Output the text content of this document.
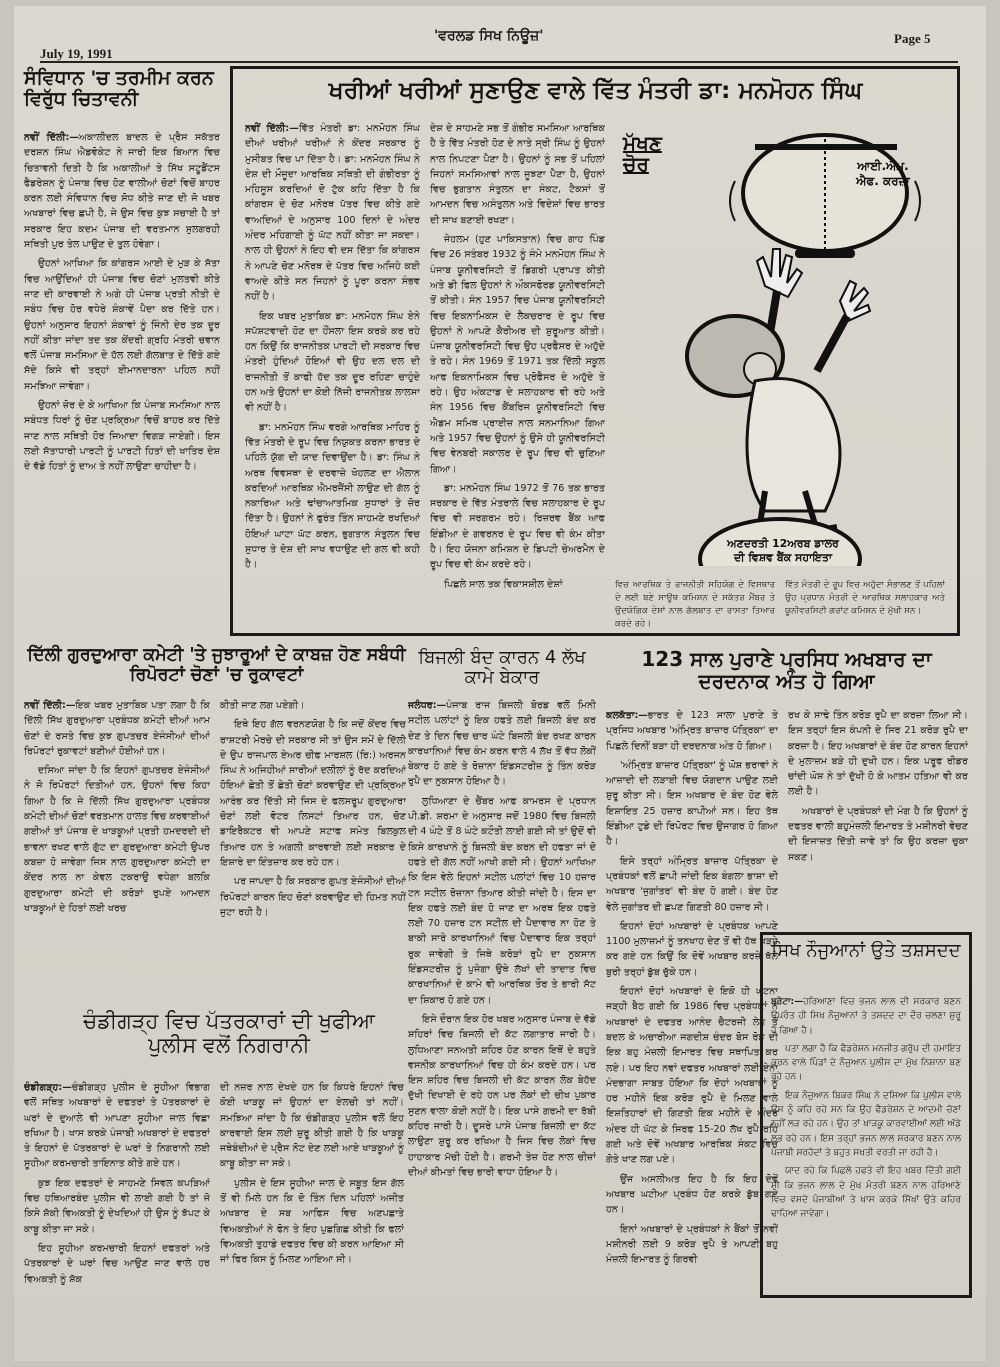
July 19, 1991
'ਵਰਲਡ ਸਿਖ ਨਿਊਜ਼'	Page 5
ਸੰਵਿਧਾਨ 'ਚ ਤਰਮੀਮ ਕਰਨ ਵਿਰੁੱਧ ਚਿਤਾਵਨੀ

ਨਵੀਂ ਦਿੱਲੀ:—ਅਕਾਲੀਦਲ ਬਾਦਲ ਦੇ ਪ੍ਰੈਸ ਸਕੱਤਰ ਦਰਸ਼ਨ ਸਿੰਘ ਐਡਵੋਕੇਟ ਨੇ ਜਾਰੀ ਇਕ ਬਿਆਨ ਵਿਚ ਚਿਤਾਵਨੀ ਦਿਤੀ ਹੈ ਕਿ ਅਕਾਲੀਆਂ ਤੇ ਸਿੱਖ ਸਟੂਡੈਂਟਸ ਫੈਡਰੇਸ਼ਨ ਨੂੰ ਪੰਜਾਬ ਵਿਚ ਹੋਣ ਵਾਲੀਆਂ ਚੋਣਾਂ ਵਿਚੋਂ ਬਾਹਰ ਕਰਨ ਲਈ ਸੰਵਿਧਾਨ ਵਿਚ ਸੋਧ ਕੀਤੇ ਜਾਣ ਦੀ ਜੋ ਖਬਰ ਅਖਬਾਰਾਂ ਵਿਚ ਛਪੀ ਹੈ, ਜੇ ਉਸ ਵਿਚ ਕੁਝ ਸਚਾਈ ਹੈ ਤਾਂ ਸਰਕਾਰ ਇਹ ਕਦਮ ਪੰਜਾਬ ਦੀ ਵਰਤਮਾਨ ਸੁਲਗਰਹੀ ਸਥਿਤੀ ਪੁਰ ਤੇਲ ਪਾਉਣ ਦੇ ਤੁਲ ਹੋਵੇਗਾ।

ਉਹਨਾਂ ਆਖਿਆ ਕਿ ਕਾਂਗਰਸ ਆਈ ਦੇ ਮੁੜ ਕੇ ਸੱਤਾ ਵਿਚ ਆਉਂਦਿਆਂ ਹੀ ਪੰਜਾਬ ਵਿਚ ਚੋਣਾਂ ਮੁਲਤਵੀ ਕੀਤੇ ਜਾਣ ਦੀ ਕਾਰਵਾਈ ਨੇ ਅਗੇ ਹੀ ਪੰਜਾਬ ਪ੍ਰਤੀ ਨੀਤੀ ਦੇ ਸਬੰਧ ਵਿਚ ਹੋਰ ਵਧੇਰੇ ਸ਼ੰਕਾਵੇਂ ਪੈਦਾ ਕਰ ਦਿੱਤੇ ਹਨ। ਉਹਨਾਂ ਅਨੁਸਾਰ ਇਹਨਾਂ ਸ਼ੰਕਾਵਾਂ ਨੂੰ ਜਿੰਨੀ ਦੇਰ ਤਕ ਦੂਰ ਨਹੀਂ ਕੀਤਾ ਜਾਂਦਾ ਤਦ ਤਕ ਕੇਂਦਰੀ ਗ੍ਰਹਿ ਮੰਤਰੀ ਚਵਾਨ ਵਲੋਂ ਪੰਜਾਬ ਸਮਸਿਆ ਦੇ ਹੱਲ ਲਈ ਗੱਲਬਾਤ ਦੇ ਦਿੱਤੇ ਗਏ ਸੱਦੇ ਕਿਸੇ ਵੀ ਤਰ੍ਹਾਂ ਈਮਾਨਦਾਰਨਾ ਪਹਿਲ ਨਹੀਂ ਸਮਝਿਆ ਜਾਵੇਗਾ।

ਉਹਨਾਂ ਜ਼ੋਰ ਦੇ ਕੇ ਆਖਿਆ ਕਿ ਪੰਜਾਬ ਸਮਸਿਆ ਨਾਲ ਸਬੰਧਤ ਧਿਰਾਂ ਨੂੰ ਚੋਣ ਪ੍ਰਕ੍ਰਿਆ ਵਿਚੋਂ ਬਾਹਰ ਕਰ ਦਿੱਤੇ ਜਾਣ ਨਾਲ ਸਥਿਤੀ ਹੋਰ ਜਿਆਦਾ ਵਿਗੜ ਜਾਏਗੀ। ਇਸ ਲਈ ਸੱਤਾਧਾਰੀ ਪਾਰਟੀ ਨੂੰ ਪਾਰਟੀ ਹਿਤਾਂ ਦੀ ਖਾਤਿਰ ਦੇਸ਼ ਦੇ ਵੱਡੇ ਹਿਤਾਂ ਨੂੰ ਦਾਅ ਤੇ ਨਹੀਂ ਲਾਉਣਾ ਚਾਹੀਦਾ ਹੈ।

ਖਰੀਆਂ ਖਰੀਆਂ ਸੁਣਾਉਣ ਵਾਲੇ ਵਿੱਤ ਮੰਤਰੀ ਡਾ: ਮਨਮੋਹਨ ਸਿੰਘ

ਨਵੀਂ ਦਿੱਲੀ:—ਵਿੱਤ ਮੰਤਰੀ ਡਾ: ਮਨਮੋਹਨ ਸਿੰਘ ਦੀਆਂ ਖਰੀਆਂ ਖਰੀਆਂ ਨੇ ਕੇਂਦਰ ਸਰਕਾਰ ਨੂੰ ਮੁਸੀਬਤ ਵਿਚ ਪਾ ਦਿੱਤਾ ਹੈ। ਡਾ: ਮਨਮੋਹਨ ਸਿੰਘ ਨੇ ਦੇਸ਼ ਦੀ ਮੌਜੂਦਾ ਆਰਥਿਕ ਸਥਿਤੀ ਦੀ ਗੰਭੀਰਤਾ ਨੂੰ ਮਹਿਸੂਸ ਕਰਦਿਆਂ ਦੋ ਟੁੱਕ ਕਹਿ ਦਿੱਤਾ ਹੈ ਕਿ ਕਾਂਗਰਸ ਦੇ ਚੋਣ ਮਨੋਰਥ ਪੱਤਰ ਵਿਚ ਕੀਤੇ ਗਏ ਵਾਅਦਿਆਂ ਦੇ ਅਨੁਸਾਰ 100 ਦਿਨਾਂ ਦੇ ਅੰਦਰ ਅੰਦਰ ਮਹਿਗਾਈ ਨੂੰ ਘੱਟ ਨਹੀਂ ਕੀਤਾ ਜਾ ਸਕਦਾ। ਨਾਲ ਹੀ ਉਹਨਾਂ ਨੇ ਇਹ ਵੀ ਦਸ ਦਿੱਤਾ ਕਿ ਕਾਂਗਰਸ ਨੇ ਆਪਣੇ ਚੋਣ ਮਨੋਰਥ ਦੇ ਪੱਤਰ ਵਿਚ ਅਜਿਹੇ ਕਈ ਵਾਅਦੇ ਕੀਤੇ ਸਨ ਜਿਹਨਾਂ ਨੂੰ ਪੂਰਾ ਕਰਨਾ ਸੰਭਵ ਨਹੀਂ ਹੈ।

ਇਕ ਖਬਰ ਮੁਤਾਬਿਕ ਡਾ: ਮਨਮੋਹਨ ਸਿੰਘ ਏਨੇ ਸਪੱਸ਼ਟਵਾਦੀ ਹੋਣ ਦਾ ਹੌਂਸਲਾ ਇਸ ਕਰਕੇ ਕਰ ਰਹੇ ਹਨ ਕਿਉਂ ਕਿ ਰਾਜਨੀਤਕ ਪਾਰਟੀ ਦੀ ਸਰਕਾਰ ਵਿਚ ਮੰਤਰੀ ਹੁੰਦਿਆਂ ਹੋਇਆਂ ਵੀ ਉਹ ਦਲ ਦਲ ਦੀ ਰਾਜਨੀਤੀ ਤੋਂ ਕਾਫੀ ਹੱਦ ਤਕ ਦੂਰ ਰਹਿਣਾ ਚਾਹੁੰਦੇ ਹਨ ਅਤੇ ਉਹਨਾਂ ਦਾ ਕੋਈ ਨਿੱਜੀ ਰਾਜਨੀਤਕ ਲਾਲਸਾ ਵੀ ਨਹੀਂ ਹੈ।

ਡਾ: ਮਨਮੋਹਨ ਸਿੰਘ ਵਰਗੇ ਆਰਥਿਕ ਮਾਹਿਰ ਨੂੰ ਵਿੱਤ ਮੰਤਰੀ ਦੇ ਰੂਪ ਵਿਚ ਨਿਯੁਕਤ ਕਰਨਾ ਭਾਰਤ ਦੇ ਪਹਿਲੇ ਯੁੱਗ ਦੀ ਯਾਦ ਦਿਵਾਉਂਦਾ ਹੈ। ਡਾ: ਸਿੰਘ ਨੇ ਅਰਥ ਵਿਵਸਥਾ ਦੇ ਦਰਵਾਜ਼ੇ ਖੋਹਲਣ ਦਾ ਐਲਾਨ ਕਰਦਿਆਂ ਆਰਥਿਕ ਐਮਰਜੈਂਸੀ ਲਾਉਣ ਦੀ ਗੱਲ ਨੂੰ ਨਕਾਰਿਆ ਅਤੇ ਢਾਂਚਾਆਤਮਿਕ ਸੁਧਾਰਾਂ ਤੇ ਜ਼ੋਰ ਦਿੱਤਾ ਹੈ। ਉਹਨਾਂ ਨੇ ਫੁਰੰਤ ਤਿੰਨ ਸਾਹਮਣੇ ਰਖਦਿਆਂ ਹੋਇਆਂ ਘਾਟਾ ਘੱਟ ਕਰਨ, ਭੁਗਤਾਨ ਸੰਤੁਲਨ ਵਿਚ ਸੁਧਾਰ ਤੇ ਦੇਸ਼ ਦੀ ਸਾਖ ਵਧਾਉਣ ਦੀ ਗਲ ਵੀ ਕਹੀ ਹੈ।

ਦੇਸ਼ ਦੇ ਸਾਹਮਣੇ ਸਭ ਤੋਂ ਗੰਭੀਰ ਸਮਸਿਆ ਆਰਥਿਕ ਹੈ ਤੇ ਵਿੱਤ ਮੰਤਰੀ ਹੋਣ ਦੇ ਨਾਤੇ ਸ੍ਰੀ ਸਿੰਘ ਨੂੰ ਉਹਨਾਂ ਨਾਲ ਨਿਪਟਣਾ ਪੈਣਾ ਹੈ। ਉਹਨਾਂ ਨੂੰ ਸਭ ਤੋਂ ਪਹਿਲਾਂ ਜਿਹਨਾਂ ਸਮਸਿਆਵਾਂ ਨਾਲ ਜੂਝਣਾ ਪੈਣਾ ਹੈ, ਉਹਨਾਂ ਵਿਚ ਭੁਗਤਾਨ ਸੰਤੁਲਨ ਦਾ ਸੰਕਟ, ਟੈਕਸਾਂ ਤੋਂ ਆਮਦਨ ਵਿਚ ਅਸੰਤੁਲਨ ਅਤੇ ਵਿਦੇਸ਼ਾਂ ਵਿਚ ਭਾਰਤ ਦੀ ਸਾਖ ਬਣਾਈ ਰਖਣਾ।

ਜੇਹਲਮ (ਹੁਣ ਪਾਕਿਸਤਾਨ) ਵਿਚ ਗਾਹ ਪਿੰਡ ਵਿਚ 26 ਸਤੰਬਰ 1932 ਨੂੰ ਜੰਮੇ ਮਨਮੋਹਨ ਸਿੰਘ ਨੇ ਪੰਜਾਬ ਯੂਨੀਵਰਸਿਟੀ ਤੋਂ ਡਿਗਰੀ ਪ੍ਰਾਪਤ ਕੀਤੀ ਅਤੇ ਡੀ ਫਿਲ ਉਹਨਾਂ ਨੇ ਔਕਸਫੋਰਡ ਯੂਨੀਵਰਸਿਟੀ ਤੋਂ ਕੀਤੀ। ਸੰਨ 1957 ਵਿਚ ਪੰਜਾਬ ਯੂਨੀਵਰਸਿਟੀ ਵਿਚ ਇਕਨਾਮਿਕਸ ਦੇ ਲੈਕਚਰਾਰ ਦੇ ਰੂਪ ਵਿਚ ਉਹਨਾਂ ਨੇ ਆਪਣੇ ਕੈਰੀਅਰ ਦੀ ਸ਼ੁਰੂਆਤ ਕੀਤੀ। ਪੰਜਾਬ ਯੂਨੀਵਰਸਿਟੀ ਵਿਚ ਉਹ ਪ੍ਰਫੈਸਰ ਦੇ ਅਹੁੱਦੇ ਤੇ ਰਹੇ। ਸੰਨ 1969 ਤੋਂ 1971 ਤਕ ਦਿੱਲੀ ਸਕੂਲ ਆਫ ਇਕਨਾਮਿਕਸ ਵਿਚ ਪ੍ਰੋਫੈਸਰ ਦੇ ਅਹੁੱਦੇ ਤੇ ਰਹੇ। ਉਹ ਅੰਕਟਾਡ ਦੇ ਸਲਾਹਕਾਰ ਵੀ ਰਹੇ ਅਤੇ ਸੰਨ 1956 ਵਿਚ ਕੈਂਬਰਿਜ ਯੂਨੀਵਰਸਿਟੀ ਵਿਚ ਐਡਮ ਸਮਿਥ ਪ੍ਰਾਈਜ਼ ਨਾਲ ਸਨਮਾਨਿਆ ਗਿਆ ਅਤੇ 1957 ਵਿਚ ਉਹਨਾਂ ਨੂੰ ਉਸੇ ਹੀ ਯੂਨੀਵਰਸਿਟੀ ਵਿਚ ਵੇਨਬਰੀ ਸਕਾਲਰ ਦੇ ਰੂਪ ਵਿਚ ਵੀ ਚੁਣਿਆ ਗਿਆ।

ਡਾ: ਮਨਮੋਹਨ ਸਿੰਘ 1972 ਤੋਂ 76 ਤਕ ਭਾਰਤ ਸਰਕਾਰ ਦੇ ਵਿੱਤ ਮੰਤਰਾਲੇ ਵਿਚ ਸਲਾਹਕਾਰ ਦੇ ਰੂਪ ਵਿਚ ਵੀ ਸਰਗਰਮ ਰਹੇ। ਰਿਜ਼ਰਵ ਬੈਂਕ ਆਫ ਇੰਡੀਆ ਦੇ ਗਵਰਨਰ ਦੇ ਰੂਪ ਵਿਚ ਵੀ ਕੰਮ ਕੀਤਾ ਹੈ। ਇਹ ਯੋਜਨਾ ਕਮਿਸ਼ਨ ਦੇ ਡਿਪਟੀ ਚੇਅਰਮੈਨ ਦੇ ਰੂਪ ਵਿਚ ਵੀ ਕੰਮ ਕਰਦੇ ਰਹੇ।

ਪਿਛਲੇ ਸਾਲ ਤਕ ਵਿਕਾਸਸ਼ੀਲ ਦੇਸ਼ਾਂ

ਮੱਖਣ ਚੋਰ	ਆਈ.ਐਮ. ਐਫ. ਕਰਜ਼ਾ
ਅਣਦਰਤੀ 12ਅਰਬ ਡਾਲਰ ਦੀ ਵਿਸ਼ਵ ਬੈਂਕ ਸਹਾਇਤਾ
ਵਿਚ ਆਰਥਿਕ ਤੇ ਰਾਜਨੀਤੀ ਸਹਿਯੋਗ ਦੇ ਵਿਸਥਾਰ ਦੇ ਲਈ ਬਣੇ ਸਾਊਥ ਕਮਿਸ਼ਨ ਦੇ ਸਕੱਤਰ ਮੈਂਬਰ ਤੇ ਉਦਯੋਗਿਕ ਦੇਸ਼ਾਂ ਨਾਲ ਗੱਲਬਾਤ ਦਾ ਰਾਸਤਾ ਤਿਆਰ ਕਰਦੇ ਰਹੇ।
ਵਿੱਤ ਮੰਤਰੀ ਦੇ ਰੂਪ ਵਿਚ ਅਹੁੱਦਾ ਸੰਭਾਲਣ ਤੋਂ ਪਹਿਲਾਂ ਉਹ ਪ੍ਰਧਾਨ ਮੰਤਰੀ ਦੇ ਆਰਥਿਕ ਸਲਾਹਕਾਰ ਅਤੇ ਯੂਨੀਵਰਸਿਟੀ ਗਰਾਂਟ ਕਮਿਸ਼ਨ ਦੇ ਮੁੱਖੀ ਸਨ।
ਦਿੱਲੀ ਗੁਰਦੁਆਰਾ ਕਮੇਟੀ 'ਤੇ ਜੁਝਾਰੂਆਂ ਦੇ ਕਾਬਜ਼ ਹੋਣ ਸਬੰਧੀ ਰਿਪੋਰਟਾਂ ਚੋਣਾਂ 'ਚ ਰੁਕਾਵਟਾਂ

ਨਵੀਂ ਦਿੱਲੀ:—ਇਕ ਖਬਰ ਮੁਤਾਬਿਕ ਪਤਾ ਲਗਾ ਹੈ ਕਿ ਦਿੱਲੀ ਸਿੱਖ ਗੁਰਦੁਆਰਾ ਪ੍ਰਬੰਧਕ ਕਮੇਟੀ ਦੀਆਂ ਆਮ ਚੋਣਾਂ ਦੇ ਰਸਤੇ ਵਿਚ ਕੁਝ ਗੁਪਤਚਰ ਏਜੰਸੀਆਂ ਦੀਆਂ ਰਿਪੋਰਟਾਂ ਰੁਕਾਵਟਾਂ ਬਣੀਆਂ ਹੋਈਆਂ ਹਨ।

ਦਸਿਆ ਜਾਂਦਾ ਹੈ ਕਿ ਇਹਨਾਂ ਗੁਪਤਚਰ ਏਜੰਸੀਆਂ ਨੇ ਜੋ ਰਿਪੋਰਟਾਂ ਦਿਤੀਆਂ ਹਨ, ਉਹਨਾਂ ਵਿਚ ਕਿਹਾ ਗਿਆ ਹੈ ਕਿ ਜੇ ਦਿੱਲੀ ਸਿੱਖ ਗੁਰਦੁਆਰਾ ਪ੍ਰਬੰਧਕ ਕਮੇਟੀ ਦੀਆਂ ਚੋਣਾਂ ਵਰਤਮਾਨ ਹਾਲਤ ਵਿਚ ਕਰਵਾਈਆਂ ਗਈਆਂ ਤਾਂ ਪੰਜਾਬ ਦੇ ਖਾੜਕੂਆਂ ਪ੍ਰਤੀ ਹਮਦਰਦੀ ਦੀ ਭਾਵਨਾ ਰਖਣ ਵਾਲੇ ਗੁੱਟ ਦਾ ਗੁਰਦੁਆਰਾ ਕਮੇਟੀ ਉਪਰ ਕਬਜ਼ਾ ਹੋ ਜਾਵੇਗਾ ਜਿਸ ਨਾਲ ਗੁਰਦੁਆਰਾ ਕਮੇਟੀ ਦਾ ਕੇਂਦਰ ਨਾਲ ਨਾ ਕੇਵਲ ਟਕਰਾਉ ਵਧੇਗਾ ਬਲਕਿ ਗੁਰਦੁਆਰਾ ਕਮੇਟੀ ਦੀ ਕਰੋੜਾਂ ਰੁਪਏ ਆਮਦਨ ਖਾੜਕੂਆਂ ਦੇ ਹਿਤਾਂ ਲਈ ਖਰਚ

ਕੀਤੀ ਜਾਣ ਲਗ ਪਏਗੀ।

ਇਥੇ ਇਹ ਗੱਲ ਵਰਨਣਯੋਗ ਹੈ ਕਿ ਜਦੋਂ ਕੇਂਦਰ ਵਿਚ ਰਾਸ਼ਟਰੀ ਮੋਰਚੇ ਦੀ ਸਰਕਾਰ ਸੀ ਤਾਂ ਉਸ ਸਮੇਂ ਦੇ ਦਿੱਲੀ ਦੇ ਉਪ ਰਾਜਪਾਲ ਏਅਰ ਚੀਫ ਮਾਰਸ਼ਲ (ਰਿ:) ਅਰਜਨ ਸਿੰਘ ਨੇ ਅਜਿਹੀਆਂ ਸਾਰੀਆਂ ਦਲੀਲਾਂ ਨੂੰ ਰੱਦ ਕਰਦਿਆਂ ਹੋਇਆਂ ਛੇਤੀ ਤੋਂ ਛੇਤੀ ਚੋਣਾਂ ਕਰਵਾਉਣ ਦੀ ਪ੍ਰਕ੍ਰਿਆ ਆਰੰਭ ਕਰ ਦਿੱਤੀ ਸੀ ਜਿਸ ਦੇ ਫਲਸਰੂਪ ਗੁਰਦੁਆਰਾ ਚੋਣਾਂ ਲਈ ਵੋਟਰ ਲਿਸਟਾਂ ਤਿਆਰ ਹਨ, ਚੋਣ ਡਾਇਰੈਕਟਰ ਵੀ ਆਪਣੇ ਸਟਾਫ ਸਮੇਤ ਬਿਲਕੁਲ ਤਿਆਰ ਹਨ ਤੇ ਅਗਲੀ ਕਾਰਵਾਈ ਲਈ ਸਰਕਾਰ ਦੇ ਇਸ਼ਾਰੇ ਦਾ ਇੰਤਜ਼ਾਰ ਕਰ ਰਹੇ ਹਨ।

ਪਰ ਜਾਪਦਾ ਹੈ ਕਿ ਸਰਕਾਰ ਗੁਪਤ ਏਜੰਸੀਆਂ ਦੀਆਂ ਰਿਪੋਰਟਾਂ ਕਾਰਨ ਇਹ ਚੋਣਾਂ ਕਰਵਾਉਣ ਦੀ ਹਿਮਤ ਨਹੀਂ ਜੁਟਾ ਰਹੀ ਹੈ।

ਬਿਜਲੀ ਬੰਦ ਕਾਰਨ 4 ਲੱਖ ਕਾਮੇ ਬੇਕਾਰ

ਜਲੰਧਰ:—ਪੰਜਾਬ ਰਾਜ ਬਿਜਲੀ ਬੋਰਡ ਵਲੋਂ ਮਿਨੀ ਸਟੀਲ ਪਲਾਂਟਾਂ ਨੂੰ ਇਕ ਹਫਤੇ ਲਈ ਬਿਜਲੀ ਬੰਦ ਕਰ ਦੇਣ ਤੇ ਦਿਨ ਵਿਚ ਚਾਰ ਘੰਟੇ ਬਿਜਲੀ ਬੰਦ ਰਖਣ ਕਾਰਨ ਕਾਰਖਾਨਿਆਂ ਵਿਚ ਕੰਮ ਕਰਨ ਵਾਲੇ 4 ਲੱਖ ਤੋਂ ਵੱਧ ਲੋਕੀਂ ਬੇਕਾਰ ਹੋ ਗਏ ਤੇ ਰੋਜ਼ਾਨਾ ਇੰਡਸਟਰੀਜ਼ ਨੂੰ ਤਿੰਨ ਕਰੋੜ ਰੁਪੈ ਦਾ ਨੁਕਸਾਨ ਹੋਇਆ ਹੈ।

ਲੁਧਿਆਣਾ ਦੇ ਚੈਂਬਰ ਆਫ ਕਾਮਰਸ ਦੇ ਪ੍ਰਧਾਨ ਪੀ.ਡੀ. ਸ਼ਰਮਾ ਦੇ ਅਨੁਸਾਰ ਜਦੋਂ 1980 ਵਿਚ ਬਿਜਲੀ ਦੀ 4 ਘੰਟੇ ਤੋਂ 8 ਘੰਟੇ ਕਟੌਤੀ ਲਾਈ ਗਈ ਸੀ ਤਾਂ ਉਦੋਂ ਵੀ ਕਿਸੇ ਕਾਰਖਾਨੇ ਨੂੰ ਬਿਜਲੀ ਬੰਦ ਕਰਨ ਦੀ ਹਫਤਾ ਜਾਂ ਦੋ ਹਫਤੇ ਦੀ ਗੱਲ ਨਹੀਂ ਆਖੀ ਗਈ ਸੀ। ਉਹਨਾਂ ਆਖਿਆ ਕਿ ਇਸ ਵੇਲੇ ਇਹਨਾਂ ਸਟੀਲ ਪਲਾਂਟਾਂ ਵਿਚ 10 ਹਜ਼ਾਰ ਟਨ ਸਟੀਲ ਰੋਜ਼ਾਨਾ ਤਿਆਰ ਕੀਤੀ ਜਾਂਦੀ ਹੈ। ਇਸ ਦਾ ਇਕ ਹਫਤੇ ਲਈ ਬੰਦ ਹੋ ਜਾਣ ਦਾ ਅਰਥ ਇਕ ਹਫਤੇ ਲਈ 70 ਹਜ਼ਾਰ ਟਨ ਸਟੀਲ ਦੀ ਪੈਦਾਵਾਰ ਨਾ ਹੋਣ ਤੇ ਬਾਕੀ ਸਾਰੇ ਕਾਰਖਾਨਿਆਂ ਵਿਚ ਪੈਦਾਵਾਰ ਇਕ ਤਰ੍ਹਾਂ ਰੁਕ ਜਾਵੇਗੀ ਤੇ ਜਿਥੇ ਕਰੋੜਾਂ ਰੁਪੈ ਦਾ ਨੁਕਸਾਨ ਇੰਡਸਟਰੀਜ਼ ਨੂੰ ਪੁਜੇਗਾ ਉਥੇ ਲੱਖਾਂ ਦੀ ਤਾਦਾਤ ਵਿਚ ਕਾਰਖਾਨਿਆਂ ਦੇ ਕਾਮੇ ਵੀ ਆਰਥਿਕ ਤੌਰ ਤੇ ਭਾਰੀ ਸੱਟ ਦਾ ਸ਼ਿਕਾਰ ਹੋ ਗਏ ਹਨ।

ਇਸੇ ਦੌਰਾਨ ਇਕ ਹੋਰ ਖਬਰ ਅਨੁਸਾਰ ਪੰਜਾਬ ਦੇ ਵੱਡੇ ਸ਼ਹਿਰਾਂ ਵਿਚ ਬਿਜਲੀ ਦੀ ਕੱਟ ਲਗਾਤਾਰ ਜਾਰੀ ਹੈ। ਲੁਧਿਆਣਾ ਸਨਅਤੀ ਸ਼ਹਿਰ ਹੋਣ ਕਾਰਨ ਇਥੋਂ ਦੇ ਬਹੁਤੇ ਵਸਨੀਕ ਕਾਰਖਾਨਿਆਂ ਵਿਚ ਹੀ ਕੰਮ ਕਰਦੇ ਹਨ। ਪਰ ਇਸ ਸ਼ਹਿਰ ਵਿਚ ਬਿਜਲੀ ਦੀ ਕੱਟ ਕਾਰਨ ਲੋਕ ਬੇਹੱਦ ਦੁੱਖੀ ਦਿਖਾਈ ਦੇ ਰਹੇ ਹਨ ਪਰ ਲੋਕਾਂ ਦੀ ਚੀਖ ਪੁਕਾਰ ਸੁਣਨ ਵਾਲਾ ਕੋਈ ਨਹੀਂ ਹੈ। ਇਕ ਪਾਸੇ ਗਰਮੀ ਦਾ ਰੱਬੀ ਕਹਿਰ ਜਾਰੀ ਹੈ। ਦੂਸਰੇ ਪਾਸੇ ਪੰਜਾਬ ਬਿਜਲੀ ਦਾ ਕੱਟ ਲਾਉਣਾ ਸ਼ੁਰੂ ਕਰ ਰਖਿਆ ਹੈ ਜਿਸ ਵਿਚ ਲੋਕਾਂ ਵਿਚ ਹਾਹਾਕਾਰ ਮੱਚੀ ਹੋਈ ਹੈ। ਗਰਮੀ ਤੇਜ਼ ਹੋਣ ਨਾਲ ਚੀਜ਼ਾਂ ਦੀਆਂ ਕੀਮਤਾਂ ਵਿਚ ਭਾਰੀ ਵਾਧਾ ਹੋਇਆ ਹੈ।

123 ਸਾਲ ਪੁਰਾਣੇ ਪ੍ਰਸਿਧ ਅਖਬਾਰ ਦਾ ਦਰਦਨਾਕ ਅੰਤ ਹੋ ਗਿਆ

ਕਲਕੱਤਾ:—ਭਾਰਤ ਦੇ 123 ਸਾਲਾ ਪੁਰਾਣੇ ਤੇ ਪ੍ਰਸਿਧ ਅਖਬਾਰ 'ਅੰਮ੍ਰਿਤ ਬਾਜ਼ਾਰ ਪੱਤ੍ਰਿਕਾ' ਦਾ ਪਿਛਲੇ ਦਿਨੀਂ ਬੜਾ ਹੀ ਦਰਦਨਾਕ ਅੰਤ ਹੋ ਗਿਆ।

'ਅੰਮ੍ਰਿਤ ਬਾਜ਼ਾਰ ਪੱਤ੍ਰਿਕਾ' ਨੂੰ ਘੋਸ਼ ਭਰਾਵਾਂ ਨੇ ਆਜ਼ਾਦੀ ਦੀ ਲੜਾਈ ਵਿਚ ਯੋਗਦਾਨ ਪਾਉਣ ਲਈ ਸ਼ੁਰੂ ਕੀਤਾ ਸੀ। ਇਸ ਅਖਬਾਰ ਦੇ ਬੰਦ ਹੋਣ ਵੇਲੇ ਇਸ਼ਾਇਤ 25 ਹਜ਼ਾਰ ਕਾਪੀਆਂ ਸਨ। ਇਹ ਤੱਥ ਇੰਡੀਆ ਟੁਡੇ ਦੀ ਰਿਪੋਰਟ ਵਿਚ ਉਜਾਗਰ ਹੋ ਗਿਆ ਹੈ।

ਇਸੇ ਤਰ੍ਹਾਂ ਅੰਮ੍ਰਿਤ ਬਾਜ਼ਾਰ ਪੱਤ੍ਰਿਕਾ ਦੇ ਪ੍ਰਬੰਧਕਾਂ ਵਲੋਂ ਛਾਪੀ ਜਾਂਦੀ ਇਕ ਬੰਗਲਾ ਭਾਸ਼ਾ ਦੀ ਅਖਬਾਰ 'ਜੁਗਾਂਤਰ' ਵੀ ਬੰਦ ਹੋ ਗਈ। ਬੰਦ ਹੋਣ ਵੇਲੇ ਜੁਗਾਂਤਰ ਦੀ ਛਪਣ ਗਿਣਤੀ 80 ਹਜ਼ਾਰ ਸੀ।

ਇਹਨਾਂ ਦੋਹਾਂ ਅਖਬਾਰਾਂ ਦੇ ਪ੍ਰਬੰਧਕ ਆਪਣੇ 1100 ਮੁਲਾਜ਼ਮਾਂ ਨੂੰ ਤਨਖਾਹ ਦੇਣ ਤੋਂ ਵੀ ਹੱਥ ਖੜ੍ਹੇ ਕਰ ਗਏ ਹਨ ਕਿਉਂ ਕਿ ਦੋਵੇਂ ਅਖਬਾਰ ਕਰਜ਼ੇ ਥੱਲੇ ਬੁਰੀ ਤਰ੍ਹਾਂ ਡੁੱਬ ਚੁੱਕੇ ਹਨ।

ਇਹਨਾਂ ਦੋਹਾਂ ਅਖਬਾਰਾਂ ਦੇ ਇਕੋ ਹੀ ਘਟਨਾ ਜੜ੍ਹੀ ਬੈਠ ਗਈ ਕਿ 1986 ਵਿਚ ਪ੍ਰਬੰਧਕਾਂ ਨੇ ਅਖਬਾਰਾਂ ਦੇ ਦਫਤਰ ਆਨੰਦ ਚੈਟਰਜੀ ਲੇਨ ਤੋਂ ਬਦਲ ਕੇ ਅਚਾਰੀਆ ਜਗਦੀਸ਼ ਚੰਦਰ ਬੋਸ ਰੋਡ ਦੀ ਇਕ ਬਹੁ ਮੰਜ਼ਲੀ ਇਮਾਰਤ ਵਿਚ ਸਥਾਪਿਤ ਕਰ ਲਏ। ਪਰ ਇਹ ਨਵਾਂ ਦਫਤਰ ਅਖਬਾਰਾਂ ਲਈ ਏਨਾ ਮੰਦਭਾਗਾ ਸਾਬਤ ਹੋਇਆ ਕਿ ਦੋਹਾਂ ਅਖਬਾਰਾਂ ਨੂੰ ਹਰ ਮਹੀਨੇ ਇਕ ਕਰੋੜ ਰੁਪੈ ਦੇ ਮਿਲਣ ਵਾਲੇ ਇਸ਼ਤਿਹਾਰਾਂ ਦੀ ਗਿਣਤੀ ਇਕ ਮਹੀਨੇ ਦੇ ਅੰਦਰ ਅੰਦਰ ਹੀ ਘੱਟ ਕੇ ਸਿਰਫ 15-20 ਲੱਖ ਰੁਪੈ ਰਹਿ ਗਈ ਅਤੇ ਦੋਵੇਂ ਅਖਬਾਰ ਆਰਥਿਕ ਸੰਕਟ ਵਿਚ ਗੋਤੇ ਖਾਣ ਲਗ ਪਏ।

ਉਂਜ ਅਸਲੀਅਤ ਇਹ ਹੈ ਕਿ ਇਹ ਦੋਵੇਂ ਅਖਬਾਰ ਘਟੀਆ ਪ੍ਰਬੰਧ ਹੋਣ ਕਰਕੇ ਡੁੱਬ ਗਏ ਹਨ।

ਇਨਾਂ ਅਖਬਾਰਾਂ ਦੇ ਪ੍ਰਬੰਧਕਾਂ ਨੇ ਬੈਂਕਾਂ ਤੋਂ ਨਵੀਂ ਮਸ਼ੀਨਰੀ ਲਈ 9 ਕਰੋੜ ਰੁਪੈ ਤੇ ਆਪਣੀ ਬਹੁ ਮੰਜ਼ਲੀ ਇਮਾਰਤ ਨੂੰ ਗਿਰਵੀ

ਰਖ ਕੇ ਸਾਢੇ ਤਿੰਨ ਕਰੋੜ ਰੁਪੈ ਦਾ ਕਰਜ਼ਾ ਲਿਆ ਸੀ। ਇਸ ਤਰ੍ਹਾਂ ਇਸ ਕੰਪਨੀ ਦੇ ਸਿਰ 21 ਕਰੋੜ ਰੁਪੈ ਦਾ ਕਰਜ਼ਾ ਹੈ। ਇਹ ਅਖਬਾਰਾਂ ਦੇ ਬੰਦ ਹੋਣ ਕਾਰਨ ਇਹਨਾਂ ਦੇ ਮੁਲਾਜ਼ਮ ਬੜੇ ਹੀ ਦੁਖੀ ਹਨ। ਇਕ ਪਰੂਫ ਰੀਡਰ ਚਾਂਦੀ ਘੋਸ਼ ਨੇ ਤਾਂ ਦੁੱਖੀ ਹੋ ਕੇ ਆਤਮ ਹਤਿਆ ਵੀ ਕਰ ਲਈ ਹੈ।

ਅਖਬਾਰਾਂ ਦੇ ਪ੍ਰਬੰਧਕਾਂ ਦੀ ਮੰਗ ਹੈ ਕਿ ਉਹਨਾਂ ਨੂੰ ਦਫਤਰ ਵਾਲੀ ਬਹੁਮੰਜ਼ਲੀ ਇਮਾਰਤ ਤੇ ਮਸ਼ੀਨਰੀ ਵੇਚਣ ਦੀ ਇਜਾਜ਼ਤ ਦਿੱਤੀ ਜਾਵੇ ਤਾਂ ਕਿ ਉਹ ਕਰਜ਼ਾ ਚੁਕਾ ਸਕਣ।

ਸਿਖ ਨੌਜੁਆਨਾਂ ਉਤੇ ਤਸ਼ਸਦਦ

ਬਰੇਟਾ:—ਹਰਿਆਣਾ ਵਿਚ ਭਜਨ ਲਾਲ ਦੀ ਸਰਕਾਰ ਬਣਨ ਉਪਰੰਤ ਹੀ ਸਿਖ ਨੌਜੁਆਨਾਂ ਤੇ ਤਸ਼ਦਦ ਦਾ ਦੌਰ ਚਲਣਾ ਸ਼ੁਰੂ ਹੋ ਗਿਆ ਹੈ।

ਪਤਾ ਲਗਾ ਹੈ ਕਿ ਫੈਡਰੇਸ਼ਨ ਮਨਜੀਤ ਗਰੁੱਪ ਦੀ ਹਮਾਇਤ ਕਰਨ ਵਾਲੇ ਪਿੰਡਾਂ ਦੇ ਨੌਜੁਆਨ ਪੁਲੀਸ ਦਾ ਮੁੱਖ ਨਿਸ਼ਾਨਾ ਬਣ ਰਹੇ ਹਨ।

ਇਕ ਨੌਜੁਆਨ ਬਿਕਰ ਸਿੰਘ ਨੇ ਦਸਿਆ ਕਿ ਪੁਲੀਸ ਵਾਲੇ ਉਸ ਨੂੰ ਕਹਿ ਰਹੇ ਸਨ ਕਿ ਉਹ ਫੈਡਰੇਸ਼ਨ ਦੇ ਆਦਮੀ ਚੋਣਾਂ ਨਹੀਂ ਲੜ ਰਹੇ ਹਨ। ਉਹ ਤਾਂ ਖਾੜਕੂ ਕਾਰਵਾਈਆਂ ਲਈ ਅੱਡੇ ਲਭ ਰਹੇ ਹਨ। ਇਸ ਤਰ੍ਹਾਂ ਭਜਨ ਲਾਲ ਸਰਕਾਰ ਬਣਨ ਨਾਲ ਪੰਜਾਬੀ ਸਰਹੱਦਾਂ ਤੇ ਬਹੁਤ ਸਖਤੀ ਵਰਤੀ ਜਾ ਰਹੀ ਹੈ।

ਯਾਦ ਰਹੇ ਕਿ ਪਿਛਲੇ ਹਫਤੇ ਵੀ ਇਹ ਖਬਰ ਦਿੱਤੀ ਗਈ ਸੀ ਕਿ ਭਜਨ ਲਾਲ ਦੇ ਮੁੱਖ ਮੰਤਰੀ ਬਣਨ ਨਾਲ ਹਰਿਆਣੇ ਵਿਚ ਵਸਦੇ ਪੰਜਾਬੀਆਂ ਤੇ ਖਾਸ ਕਰਕੇ ਸਿੱਖਾਂ ਉਤੇ ਕਹਿਰ ਢਾਹਿਆ ਜਾਵੇਗਾ।

ਚੰਡੀਗੜ੍ਹ ਵਿਚ ਪੱਤਰਕਾਰਾਂ ਦੀ ਖੁਫੀਆ ਪੁਲੀਸ ਵਲੋਂ ਨਿਗਰਾਨੀ

ਚੰਡੀਗੜ੍ਹ:—ਚੰਡੀਗੜ੍ਹ ਪੁਲੀਸ ਦੇ ਸੂਹੀਆ ਵਿਭਾਗ ਵਲੋਂ ਸਥਿਤ ਅਖਬਾਰਾਂ ਦੇ ਦਫਤਰਾਂ ਤੇ ਪੱਤਰਕਾਰਾਂ ਦੇ ਘਰਾਂ ਦੇ ਦੁਆਲੇ ਵੀ ਆਪਣਾ ਸੂਹੀਆ ਜਾਲ ਵਿਛਾ ਰਖਿਆ ਹੈ। ਖਾਸ ਕਰਕੇ ਪੰਜਾਬੀ ਅਖਬਾਰਾਂ ਦੇ ਦਫਤਰਾਂ ਤੇ ਇਹਨਾਂ ਦੇ ਪੱਤਰਕਾਰਾਂ ਦੇ ਘਰਾਂ ਤੇ ਨਿਗਰਾਨੀ ਲਈ ਸੂਹੀਆ ਕਰਮਚਾਰੀ ਤਾਇਨਾਤ ਕੀਤੇ ਗਏ ਹਨ।

ਕੁਝ ਇਕ ਦਫਤਰਾਂ ਦੇ ਸਾਹਮਣੇ ਸਿਵਲ ਕਪੜਿਆਂ ਵਿਚ ਹਥਿਆਰਬੰਦ ਪੁਲੀਸ ਵੀ ਲਾਈ ਗਈ ਹੈ ਤਾਂ ਜੋ ਕਿਸੇ ਸ਼ੱਕੀ ਵਿਅਕਤੀ ਨੂੰ ਦੇਖਦਿਆਂ ਹੀ ਉਸ ਨੂੰ ਝੱਪਟ ਕੇ ਕਾਬੂ ਕੀਤਾ ਜਾ ਸਕੇ।

ਇਹ ਸੂਹੀਆ ਕਰਮਚਾਰੀ ਇਹਨਾਂ ਦਫਤਰਾਂ ਅਤੇ ਪੱਤਰਕਾਰਾਂ ਦੇ ਘਰਾਂ ਵਿਚ ਆਉਣ ਜਾਣ ਵਾਲੇ ਹਰ ਵਿਅਕਤੀ ਨੂੰ ਸ਼ੱਕ

ਦੀ ਨਜ਼ਰ ਨਾਲ ਦੇਖਦੇ ਹਨ ਕਿ ਕਿਧਰੇ ਇਹਨਾਂ ਵਿਚ ਕੋਈ ਖਾੜਕੂ ਜਾਂ ਉਹਨਾਂ ਦਾ ਏਲਚੀ ਤਾਂ ਨਹੀਂ। ਸਮਝਿਆ ਜਾਂਦਾ ਹੈ ਕਿ ਚੰਡੀਗੜ੍ਹ ਪੁਲੀਸ ਵਲੋਂ ਇਹ ਕਾਰਵਾਈ ਇਸ ਲਈ ਸ਼ੁਰੂ ਕੀਤੀ ਗਈ ਹੈ ਕਿ ਖਾੜਕੂ ਜਥੇਬੰਦੀਆਂ ਦੇ ਪ੍ਰੈਸ ਨੋਟ ਦੇਣ ਲਈ ਆਏ ਖਾੜਕੂਆਂ ਨੂੰ ਕਾਬੂ ਕੀਤਾ ਜਾ ਸਕੇ।

ਪੁਲੀਸ ਦੇ ਇਸ ਸੂਹੀਆ ਜਾਲ ਦੇ ਸਬੂਤ ਇਸ ਗੱਲ ਤੋਂ ਵੀ ਮਿਲੇ ਹਨ ਕਿ ਦੋ ਤਿੰਨ ਦਿਨ ਪਹਿਲਾਂ ਅਜੀਤ ਅਖਬਾਰ ਦੇ ਸਬ ਆਫਿਸ ਵਿਚ ਅਣਪਛਾਤੇ ਵਿਅਕਤੀਆਂ ਨੇ ਫੋਨ ਤੇ ਇਹ ਪੁਛਗਿਛ ਕੀਤੀ ਕਿ ਫਲਾਂ ਵਿਅਕਤੀ ਤੁਹਾਡੇ ਦਫਤਰ ਵਿਚ ਕੀ ਕਰਨ ਆਇਆ ਸੀ ਜਾਂ ਫਿਰ ਕਿਸ ਨੂੰ ਮਿਲਣ ਆਇਆ ਸੀ।
